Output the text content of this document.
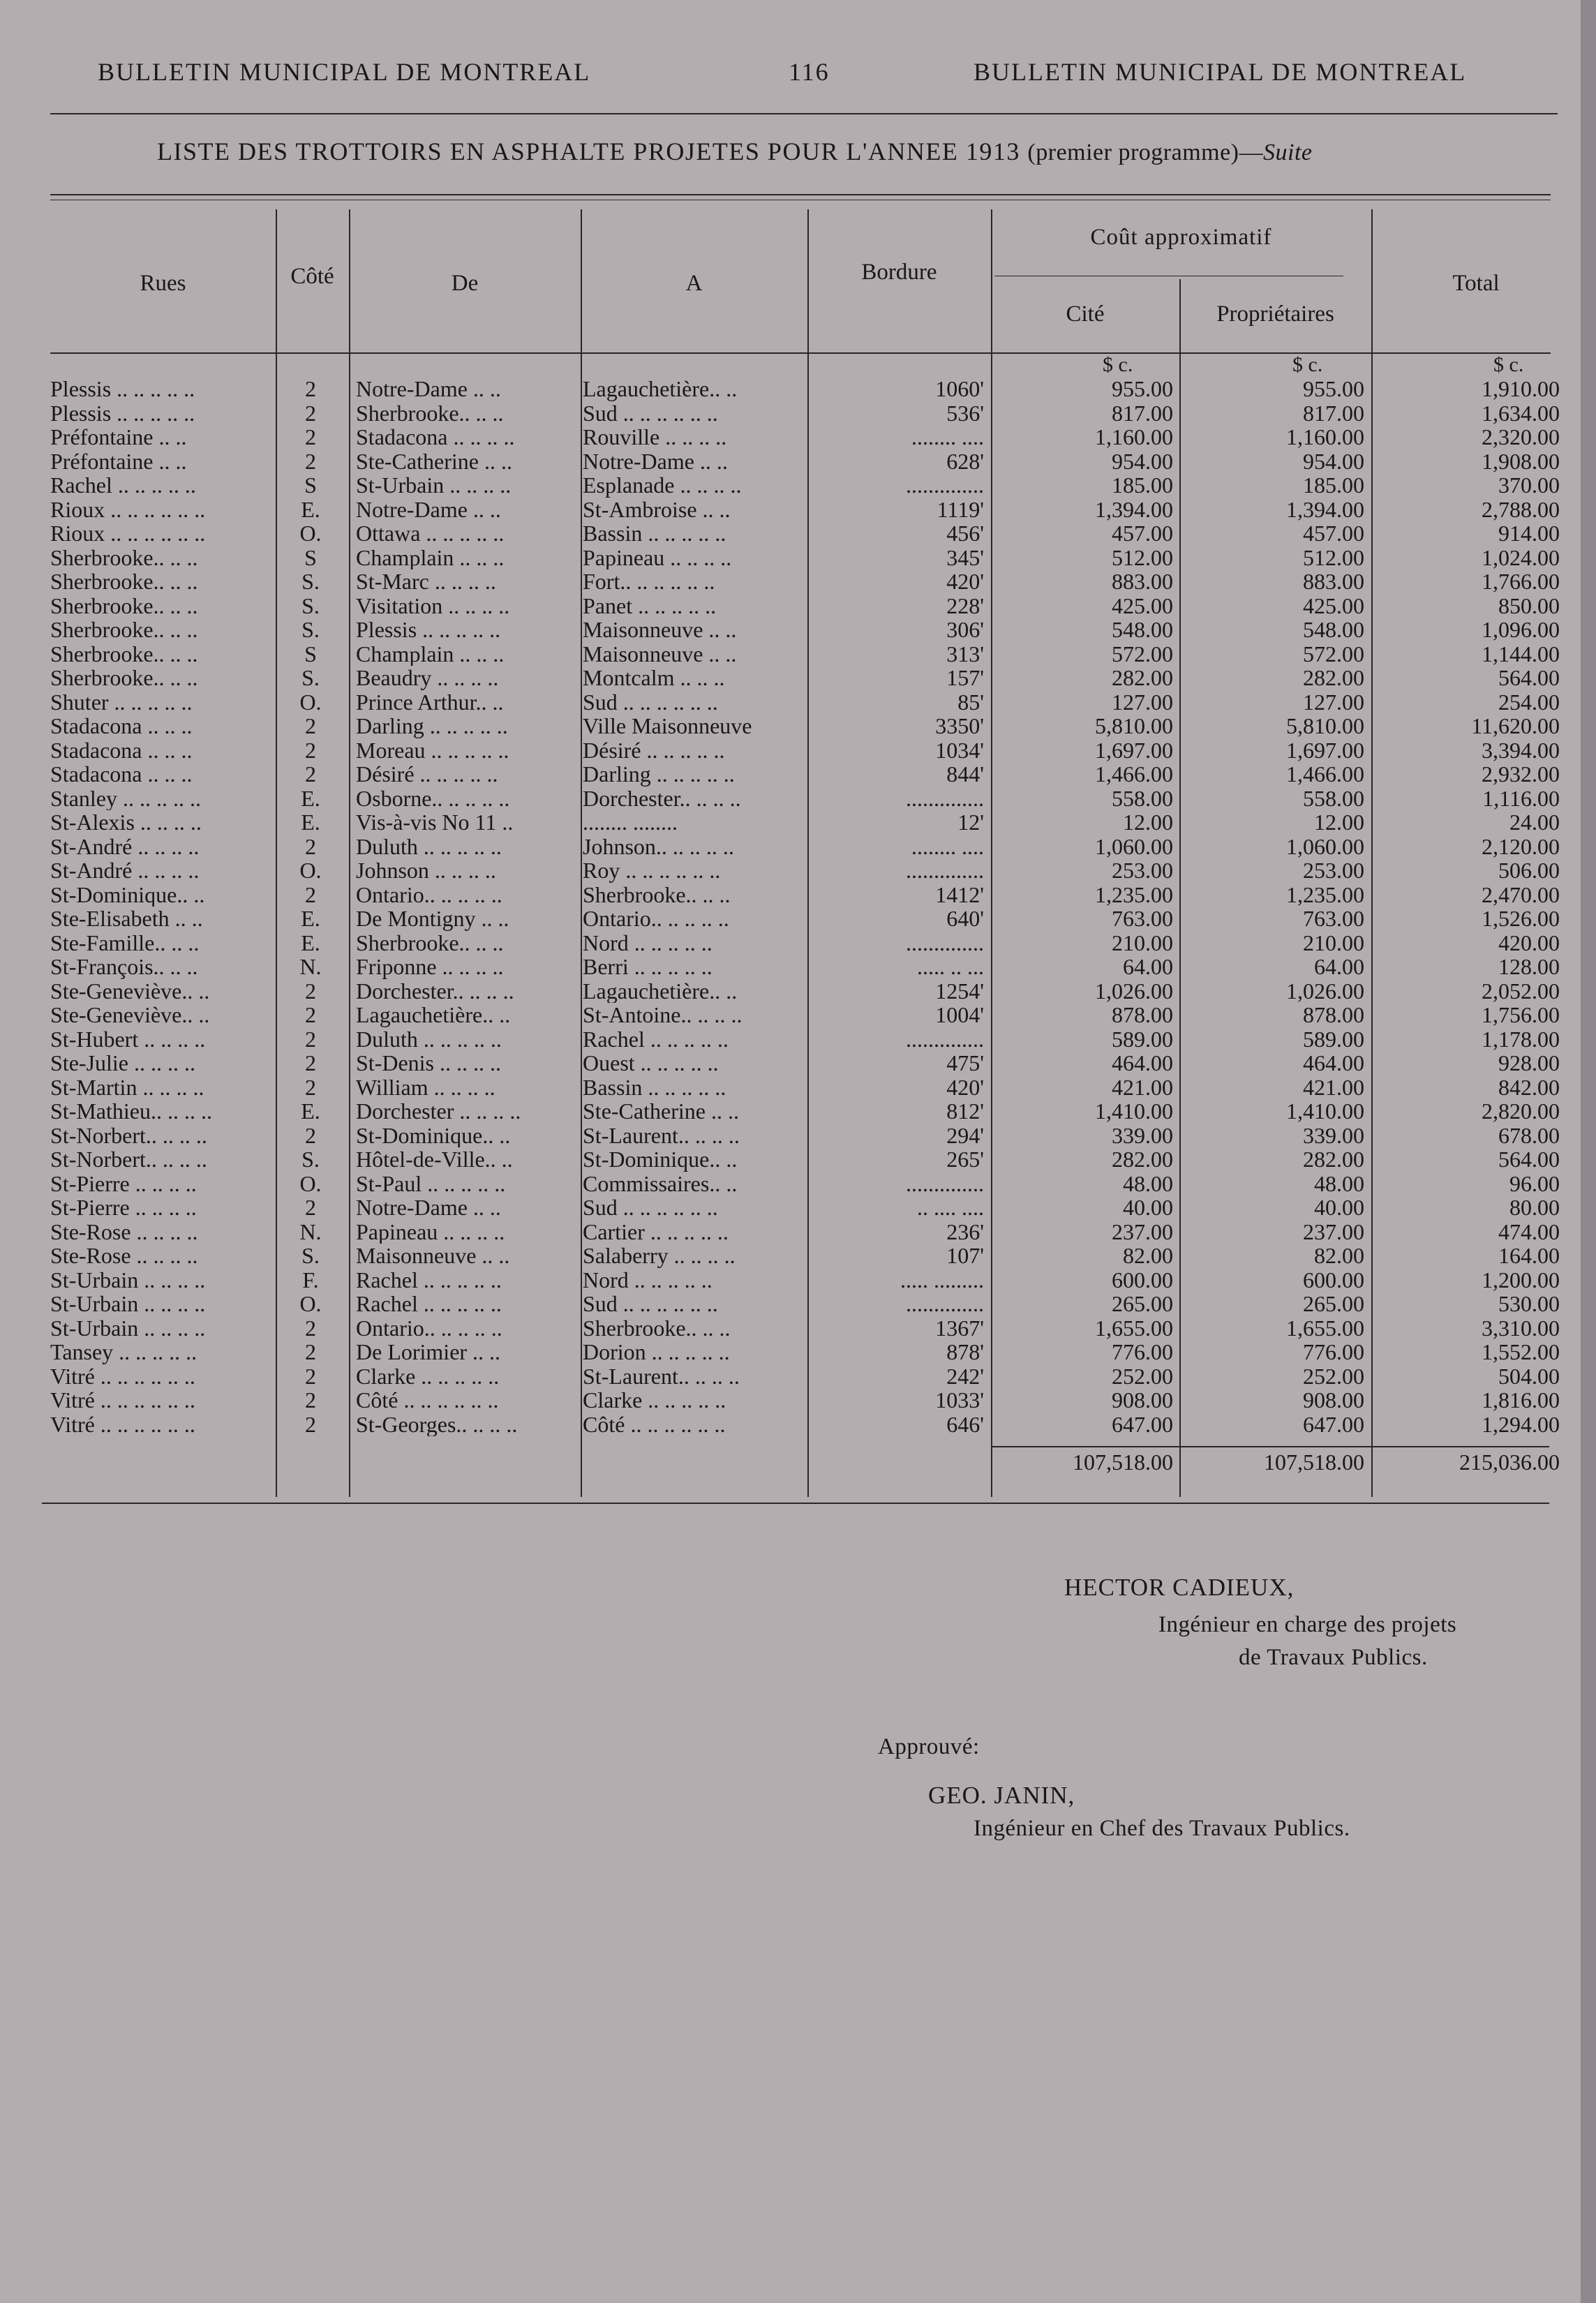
BULLETIN MUNICIPAL DE MONTREAL	116	BULLETIN MUNICIPAL DE MONTREAL
LISTE DES TROTTOIRS EN ASPHALTE PROJETES POUR L'ANNEE 1913 (premier programme)—Suite
Rues	Côté	De	A	Bordure
Coût approximatif
Cité	Propriétaires
Total
$ c.	$ c.	$ c.
Plessis .. .. .. .. ..	2	Notre-Dame .. ..	Lagauchetière.. ..	1060'	955.00	955.00	1,910.00
Plessis .. .. .. .. ..	2	Sherbrooke.. .. ..	Sud .. .. .. .. .. ..	536'	817.00	817.00	1,634.00
Préfontaine .. ..	2	Stadacona .. .. .. ..	Rouville .. .. .. ..	........ ....	1,160.00	1,160.00	2,320.00
Préfontaine .. ..	2	Ste-Catherine .. ..	Notre-Dame .. ..	628'	954.00	954.00	1,908.00
Rachel .. .. .. .. ..	S	St-Urbain .. .. .. ..	Esplanade .. .. .. ..	..............	185.00	185.00	370.00
Rioux .. .. .. .. .. ..	E.	Notre-Dame .. ..	St-Ambroise .. ..	1119'	1,394.00	1,394.00	2,788.00
Rioux .. .. .. .. .. ..	O.	Ottawa .. .. .. .. ..	Bassin .. .. .. .. ..	456'	457.00	457.00	914.00
Sherbrooke.. .. ..	S	Champlain .. .. ..	Papineau .. .. .. ..	345'	512.00	512.00	1,024.00
Sherbrooke.. .. ..	S.	St-Marc .. .. .. ..	Fort.. .. .. .. .. ..	420'	883.00	883.00	1,766.00
Sherbrooke.. .. ..	S.	Visitation .. .. .. ..	Panet .. .. .. .. ..	228'	425.00	425.00	850.00
Sherbrooke.. .. ..	S.	Plessis .. .. .. .. ..	Maisonneuve .. ..	306'	548.00	548.00	1,096.00
Sherbrooke.. .. ..	S	Champlain .. .. ..	Maisonneuve .. ..	313'	572.00	572.00	1,144.00
Sherbrooke.. .. ..	S.	Beaudry .. .. .. ..	Montcalm .. .. ..	157'	282.00	282.00	564.00
Shuter .. .. .. .. ..	O.	Prince Arthur.. ..	Sud .. .. .. .. .. ..	85'	127.00	127.00	254.00
Stadacona .. .. ..	2	Darling .. .. .. .. ..	Ville Maisonneuve	3350'	5,810.00	5,810.00	11,620.00
Stadacona .. .. ..	2	Moreau .. .. .. .. ..	Désiré .. .. .. .. ..	1034'	1,697.00	1,697.00	3,394.00
Stadacona .. .. ..	2	Désiré .. .. .. .. ..	Darling .. .. .. .. ..	844'	1,466.00	1,466.00	2,932.00
Stanley .. .. .. .. ..	E.	Osborne.. .. .. .. ..	Dorchester.. .. .. ..	..............	558.00	558.00	1,116.00
St-Alexis .. .. .. ..	E.	Vis-à-vis No 11 ..	........ ........	12'	12.00	12.00	24.00
St-André .. .. .. ..	2	Duluth .. .. .. .. ..	Johnson.. .. .. .. ..	........ ....	1,060.00	1,060.00	2,120.00
St-André .. .. .. ..	O.	Johnson .. .. .. ..	Roy .. .. .. .. .. ..	..............	253.00	253.00	506.00
St-Dominique.. ..	2	Ontario.. .. .. .. ..	Sherbrooke.. .. ..	1412'	1,235.00	1,235.00	2,470.00
Ste-Elisabeth .. ..	E.	De Montigny .. ..	Ontario.. .. .. .. ..	640'	763.00	763.00	1,526.00
Ste-Famille.. .. ..	E.	Sherbrooke.. .. ..	Nord .. .. .. .. ..	..............	210.00	210.00	420.00
St-François.. .. ..	N.	Friponne .. .. .. ..	Berri .. .. .. .. ..	..... .. ...	64.00	64.00	128.00
Ste-Geneviève.. ..	2	Dorchester.. .. .. ..	Lagauchetière.. ..	1254'	1,026.00	1,026.00	2,052.00
Ste-Geneviève.. ..	2	Lagauchetière.. ..	St-Antoine.. .. .. ..	1004'	878.00	878.00	1,756.00
St-Hubert .. .. .. ..	2	Duluth .. .. .. .. ..	Rachel .. .. .. .. ..	..............	589.00	589.00	1,178.00
Ste-Julie .. .. .. ..	2	St-Denis .. .. .. ..	Ouest .. .. .. .. ..	475'	464.00	464.00	928.00
St-Martin .. .. .. ..	2	William .. .. .. ..	Bassin .. .. .. .. ..	420'	421.00	421.00	842.00
St-Mathieu.. .. .. ..	E.	Dorchester .. .. .. ..	Ste-Catherine .. ..	812'	1,410.00	1,410.00	2,820.00
St-Norbert.. .. .. ..	2	St-Dominique.. ..	St-Laurent.. .. .. ..	294'	339.00	339.00	678.00
St-Norbert.. .. .. ..	S.	Hôtel-de-Ville.. ..	St-Dominique.. ..	265'	282.00	282.00	564.00
St-Pierre .. .. .. ..	O.	St-Paul .. .. .. .. ..	Commissaires.. ..	..............	48.00	48.00	96.00
St-Pierre .. .. .. ..	2	Notre-Dame .. ..	Sud .. .. .. .. .. ..	.. .... ....	40.00	40.00	80.00
Ste-Rose .. .. .. ..	N.	Papineau .. .. .. ..	Cartier .. .. .. .. ..	236'	237.00	237.00	474.00
Ste-Rose .. .. .. ..	S.	Maisonneuve .. ..	Salaberry .. .. .. ..	107'	82.00	82.00	164.00
St-Urbain .. .. .. ..	F.	Rachel .. .. .. .. ..	Nord .. .. .. .. ..	..... .........	600.00	600.00	1,200.00
St-Urbain .. .. .. ..	O.	Rachel .. .. .. .. ..	Sud .. .. .. .. .. ..	..............	265.00	265.00	530.00
St-Urbain .. .. .. ..	2	Ontario.. .. .. .. ..	Sherbrooke.. .. ..	1367'	1,655.00	1,655.00	3,310.00
Tansey .. .. .. .. ..	2	De Lorimier .. ..	Dorion .. .. .. .. ..	878'	776.00	776.00	1,552.00
Vitré .. .. .. .. .. ..	2	Clarke .. .. .. .. ..	St-Laurent.. .. .. ..	242'	252.00	252.00	504.00
Vitré .. .. .. .. .. ..	2	Côté .. .. .. .. .. ..	Clarke .. .. .. .. ..	1033'	908.00	908.00	1,816.00
Vitré .. .. .. .. .. ..	2	St-Georges.. .. .. ..	Côté .. .. .. .. .. ..	646'	647.00	647.00	1,294.00
107,518.00	107,518.00	215,036.00
HECTOR CADIEUX,
Ingénieur en charge des projets
de Travaux Publics.
Approuvé:
GEO. JANIN,
Ingénieur en Chef des Travaux Publics.
